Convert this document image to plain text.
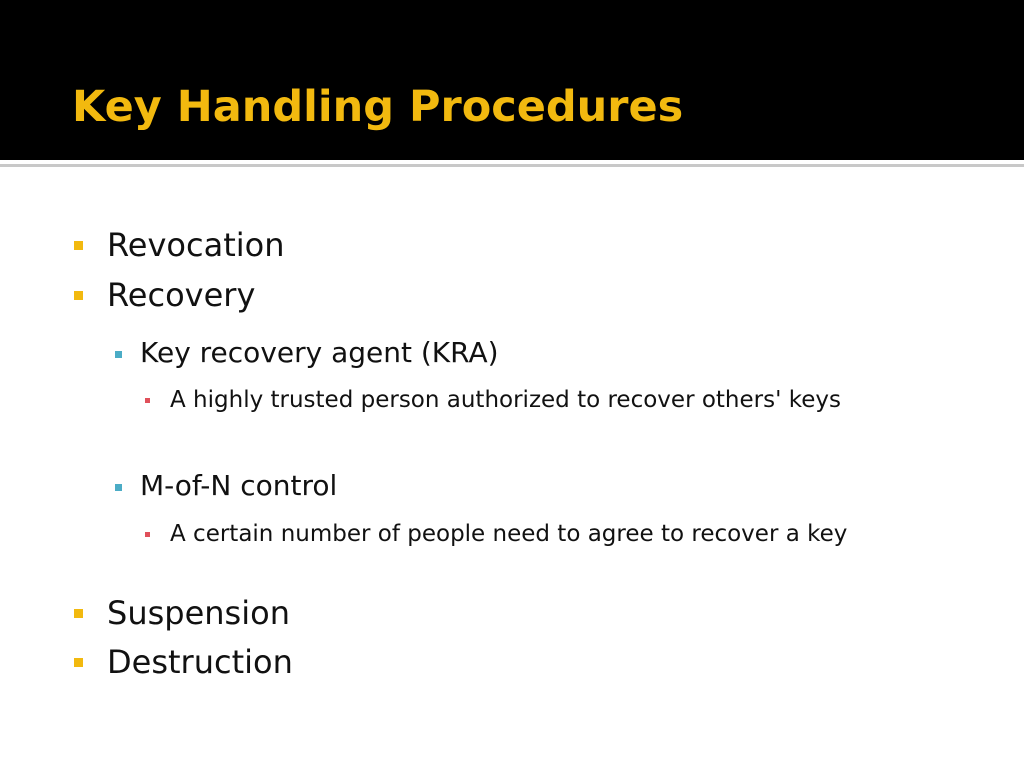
Key Handling Procedures
Revocation
Recovery
Key recovery agent (KRA)
A highly trusted person authorized to recover others' keys
M-of-N control
A certain number of people need to agree to recover a key
Suspension
Destruction
